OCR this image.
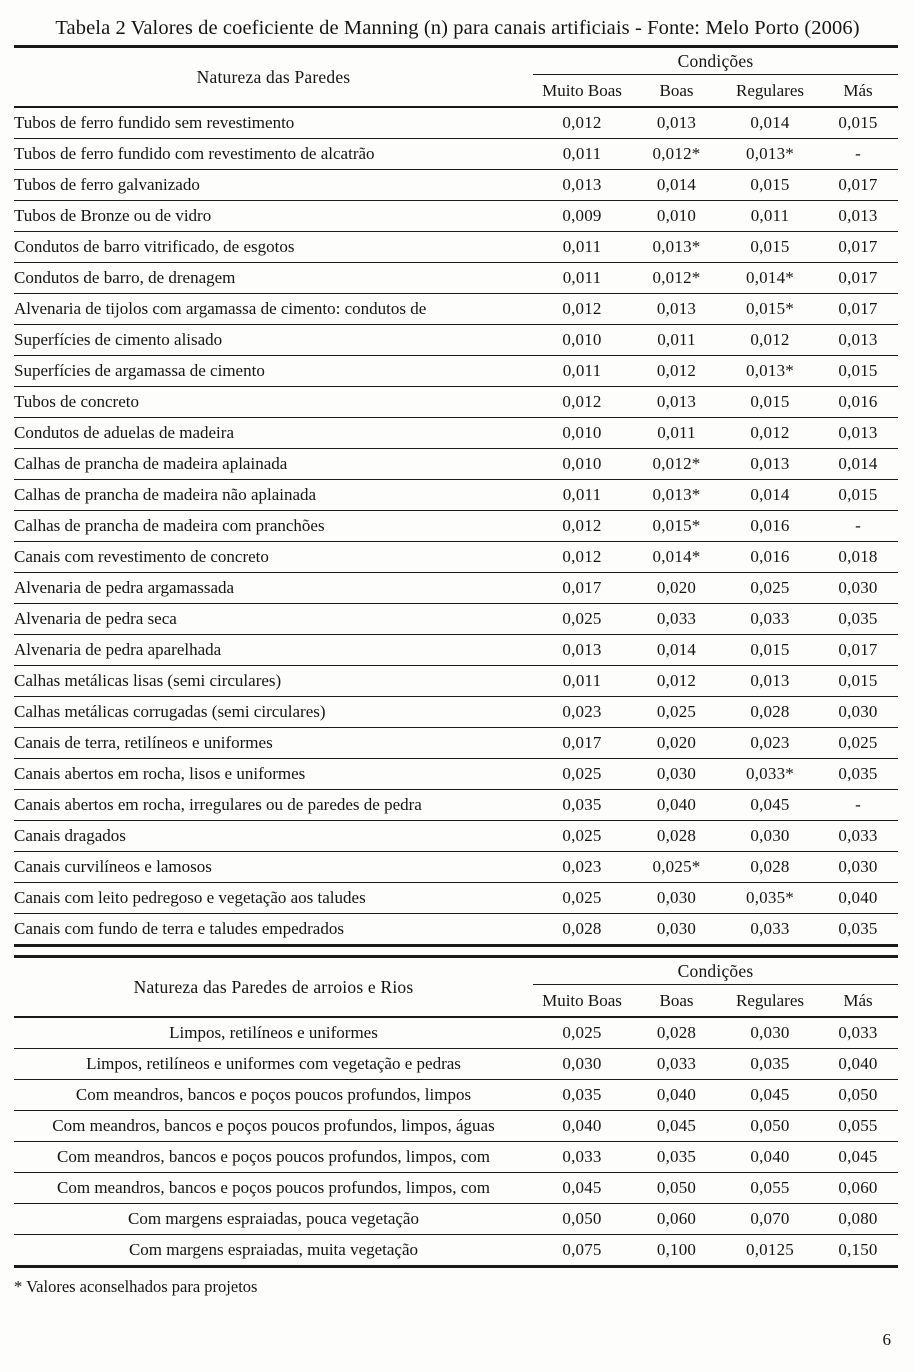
Tabela 2 Valores de coeficiente de Manning (n) para canais artificiais - Fonte: Melo Porto (2006)
Natureza das Paredes	Condições			
	Muito Boas	Boas	Regulares	Más
Tubos de ferro fundido sem revestimento	0,012	0,013	0,014	0,015
Tubos de ferro fundido com revestimento de alcatrão	0,011	0,012*	0,013*	-
Tubos de ferro galvanizado	0,013	0,014	0,015	0,017
Tubos de Bronze ou de vidro	0,009	0,010	0,011	0,013
Condutos de barro vitrificado, de esgotos	0,011	0,013*	0,015	0,017
Condutos de barro, de drenagem	0,011	0,012*	0,014*	0,017
Alvenaria de tijolos com argamassa de cimento: condutos de	0,012	0,013	0,015*	0,017
Superfícies de cimento alisado	0,010	0,011	0,012	0,013
Superfícies de argamassa de cimento	0,011	0,012	0,013*	0,015
Tubos de concreto	0,012	0,013	0,015	0,016
Condutos de aduelas de madeira	0,010	0,011	0,012	0,013
Calhas de prancha de madeira aplainada	0,010	0,012*	0,013	0,014
Calhas de prancha de madeira não aplainada	0,011	0,013*	0,014	0,015
Calhas de prancha de madeira com pranchões	0,012	0,015*	0,016	-
Canais com revestimento de concreto	0,012	0,014*	0,016	0,018
Alvenaria de pedra argamassada	0,017	0,020	0,025	0,030
Alvenaria de pedra seca	0,025	0,033	0,033	0,035
Alvenaria de pedra aparelhada	0,013	0,014	0,015	0,017
Calhas metálicas lisas (semi circulares)	0,011	0,012	0,013	0,015
Calhas metálicas corrugadas (semi circulares)	0,023	0,025	0,028	0,030
Canais de terra, retilíneos e uniformes	0,017	0,020	0,023	0,025
Canais abertos em rocha, lisos e uniformes	0,025	0,030	0,033*	0,035
Canais abertos em rocha, irregulares ou de paredes de pedra	0,035	0,040	0,045	-
Canais dragados	0,025	0,028	0,030	0,033
Canais curvilíneos e lamosos	0,023	0,025*	0,028	0,030
Canais com leito pedregoso e vegetação aos taludes	0,025	0,030	0,035*	0,040
Canais com fundo de terra e taludes empedrados	0,028	0,030	0,033	0,035
Natureza das Paredes de arroios e Rios	Condições			
	Muito Boas	Boas	Regulares	Más
Limpos, retilíneos e uniformes	0,025	0,028	0,030	0,033
Limpos, retilíneos e uniformes com vegetação e pedras	0,030	0,033	0,035	0,040
Com meandros, bancos e poços poucos profundos, limpos	0,035	0,040	0,045	0,050
Com meandros, bancos e poços poucos profundos, limpos, águas	0,040	0,045	0,050	0,055
Com meandros, bancos e poços poucos profundos, limpos, com	0,033	0,035	0,040	0,045
Com meandros, bancos e poços poucos profundos, limpos, com	0,045	0,050	0,055	0,060
Com margens espraiadas, pouca vegetação	0,050	0,060	0,070	0,080
Com margens espraiadas, muita vegetação	0,075	0,100	0,0125	0,150

* Valores aconselhados para projetos

6
